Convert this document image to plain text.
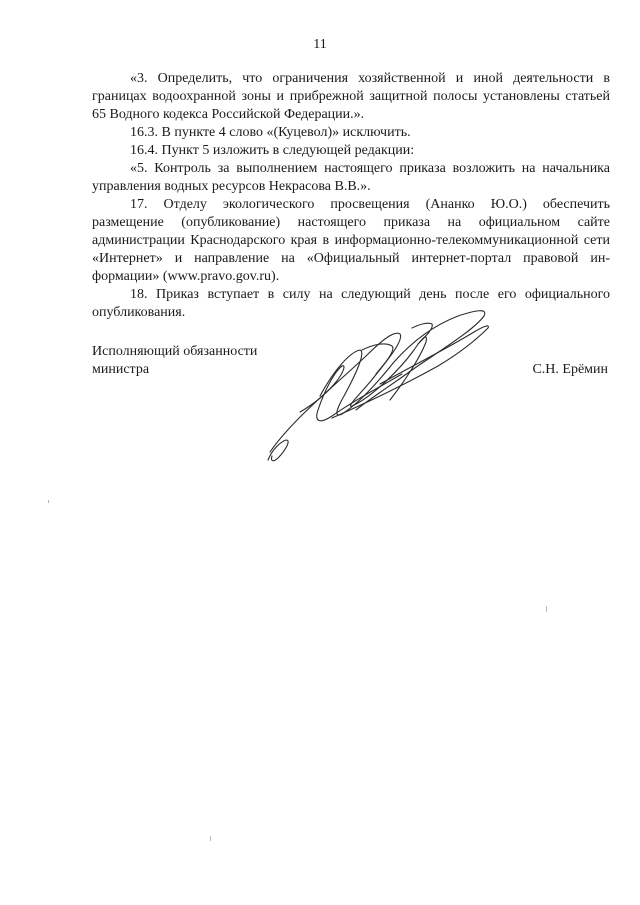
11

«3. Определить, что ограничения хозяйственной и иной деятельности в границах водоохранной зоны и прибрежной защитной полосы установлены статьей 65 Водного кодекса Российской Федерации.».

16.3. В пункте 4 слово «(Куцевол)» исключить.

16.4. Пункт 5 изложить в следующей редакции:

«5. Контроль за выполнением настоящего приказа возложить на начальника управления водных ресурсов Некрасова В.В.».

17. Отделу экологического просвещения (Ананко Ю.О.) обеспечить размещение (опубликование) настоящего приказа на официальном сайте администрации Краснодарского края в информационно-телекоммуникационной сети «Интернет» и направление на «Официальный интернет-портал правовой ин-формации» (www.pravo.gov.ru).

18. Приказ вступает в силу на следующий день после его официального опубликования.

Исполняющий обязанности
министра	С.Н. Ерёмин
